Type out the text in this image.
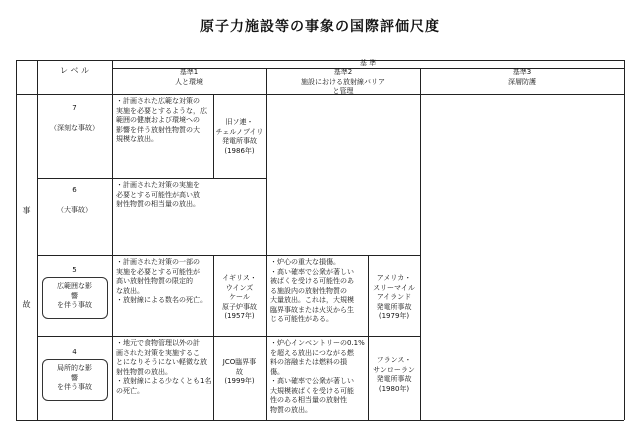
原子力施設等の事象の国際評価尺度
レ ベ ル
基 準
基準1
人と環境
基準2
施設における放射線バリア
と管理
基準3
深層防護
事
故
7
（深刻な事故）
・計画された広範な対策の
実施を必要とするような，広
範囲の健康および環境への
影響を伴う放射性物質の大
規模な放出。
旧ソ連・
チェルノブイリ
発電所事故
(1986年)
6
（大事故）
・計画された対策の実施を
必要とする可能性が高い放
射性物質の相当量の放出。
5
広範囲な影
響
を伴う事故
・計画された対策の一部の
実施を必要とする可能性が
高い放射性物質の限定的
な放出。
・放射線による数名の死亡。
イギリス・
ウインズ
ケール
原子炉事故
(1957年)
・炉心の重大な損傷。
・高い確率で公衆が著しい
被ばくを受ける可能性のあ
る施設内の放射性物質の
大量放出。これは，大規模
臨界事故または火災から生
じる可能性がある。
アメリカ・
スリーマイル
アイランド
発電所事故
(1979年)
4
局所的な影
響
を伴う事故
・地元で食物管理以外の計
画された対策を実施するこ
とになりそうにない軽微な放
射性物質の放出。
・放射線による少なくとも1名
の死亡。
JCO臨界事
故
(1999年)
・炉心インベントリーの0.1%
を超える放出につながる燃
料の溶融または燃料の損
傷。
・高い確率で公衆が著しい
大規模被ばくを受ける可能
性のある相当量の放射性
物質の放出。
フランス・
サンローラン
発電所事故
(1980年)
